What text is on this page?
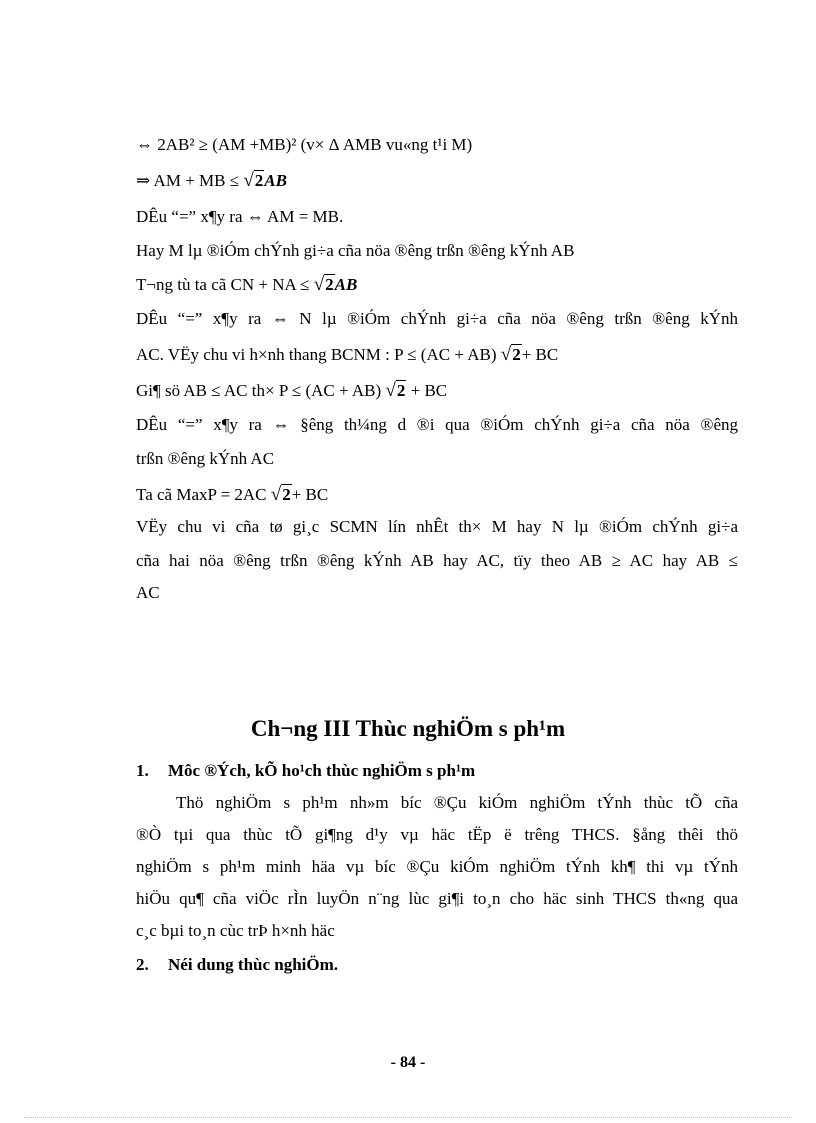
⇔ 2AB² ≥ (AM +MB)² (v× Δ AMB vu«ng t¹i M)
⇒ AM + MB ≤ √2AB
DÊu “=” x¶y ra ⇔ AM = MB.
Hay M lµ ®iÓm chÝnh gi÷a cña nöa ®êng trßn ®êng kÝnh AB
T¬ng tù ta cã CN + NA ≤ √2AB
DÊu “=” x¶y ra ⇔ N lµ ®iÓm chÝnh gi÷a cña nöa ®êng trßn ®êng kÝnh
AC. VËy chu vi h×nh thang BCNM : P ≤ (AC + AB) √2+ BC
Gi¶ sö AB ≤ AC th× P ≤ (AC + AB) √2 + BC
DÊu “=” x¶y ra ⇔ §êng th¼ng d ®i qua ®iÓm chÝnh gi÷a cña nöa ®êng
trßn ®êng kÝnh AC
Ta cã MaxP = 2AC √2+ BC
VËy chu vi cña tø gi¸c SCMN lín nhÊt th× M hay N lµ ®iÓm chÝnh gi÷a
cña hai nöa ®êng trßn ®êng kÝnh AB hay AC, tïy theo AB ≥ AC hay AB ≤
AC
Ch¬ng III Thùc nghiÖm s ph¹m
1. Môc ®Ých, kÕ ho¹ch thùc nghiÖm s ph¹m
Thö nghiÖm s ph¹m nh»m bíc ®Çu kiÓm nghiÖm tÝnh thùc tÕ cña
®Ò tµi qua thùc tÕ gi¶ng d¹y vµ häc tËp ë trêng THCS. §ång thêi thö
nghiÖm s ph¹m minh häa vµ bíc ®Çu kiÓm nghiÖm tÝnh kh¶ thi vµ tÝnh
hiÖu qu¶ cña viÖc rÌn luyÖn n¨ng lùc gi¶i to¸n cho häc sinh THCS th«ng qua
c¸c bµi to¸n cùc trÞ h×nh häc
2. Néi dung thùc nghiÖm.
- 84 -
